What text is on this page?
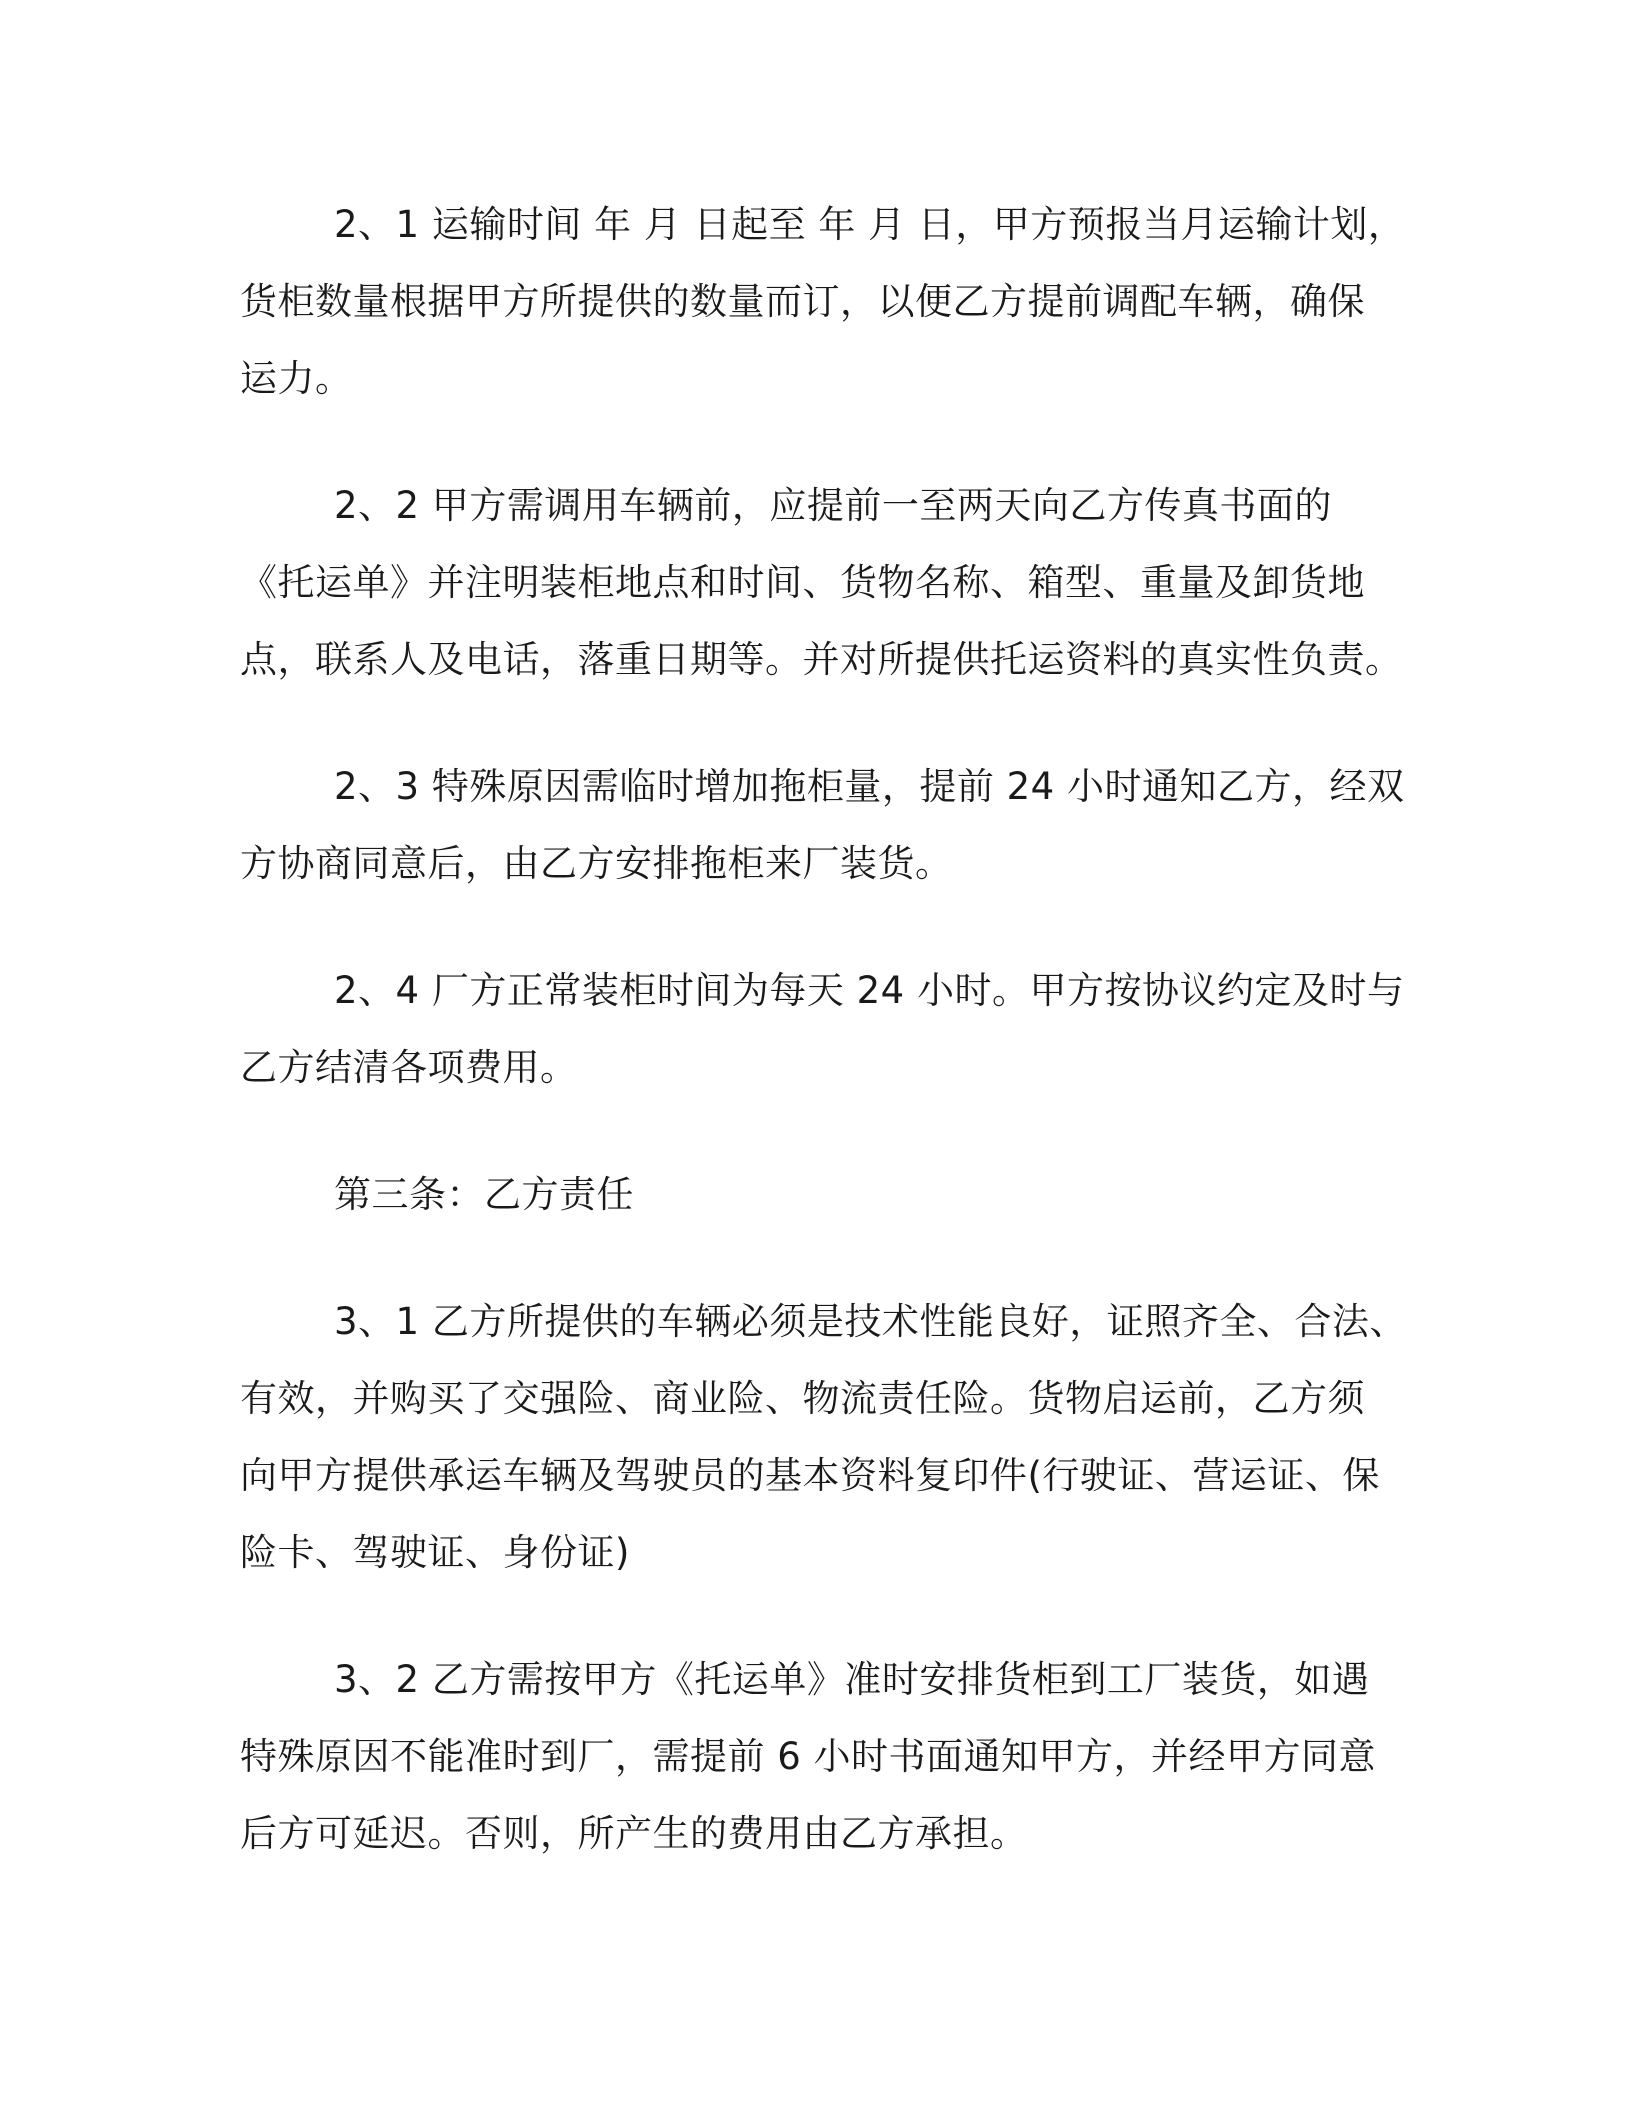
2、1 运输时间 年 月 日起至 年 月 日，甲方预报当月运输计划，
货柜数量根据甲方所提供的数量而订，以便乙方提前调配车辆，确保
运力。

2、2 甲方需调用车辆前，应提前一至两天向乙方传真书面的
《托运单》并注明装柜地点和时间、货物名称、箱型、重量及卸货地
点，联系人及电话，落重日期等。并对所提供托运资料的真实性负责。

2、3 特殊原因需临时增加拖柜量，提前 24 小时通知乙方，经双
方协商同意后，由乙方安排拖柜来厂装货。

2、4 厂方正常装柜时间为每天 24 小时。甲方按协议约定及时与
乙方结清各项费用。

第三条：乙方责任

3、1 乙方所提供的车辆必须是技术性能良好，证照齐全、合法、
有效，并购买了交强险、商业险、物流责任险。货物启运前，乙方须
向甲方提供承运车辆及驾驶员的基本资料复印件(行驶证、营运证、保
险卡、驾驶证、身份证)

3、2 乙方需按甲方《托运单》准时安排货柜到工厂装货，如遇
特殊原因不能准时到厂，需提前 6 小时书面通知甲方，并经甲方同意
后方可延迟。否则，所产生的费用由乙方承担。
